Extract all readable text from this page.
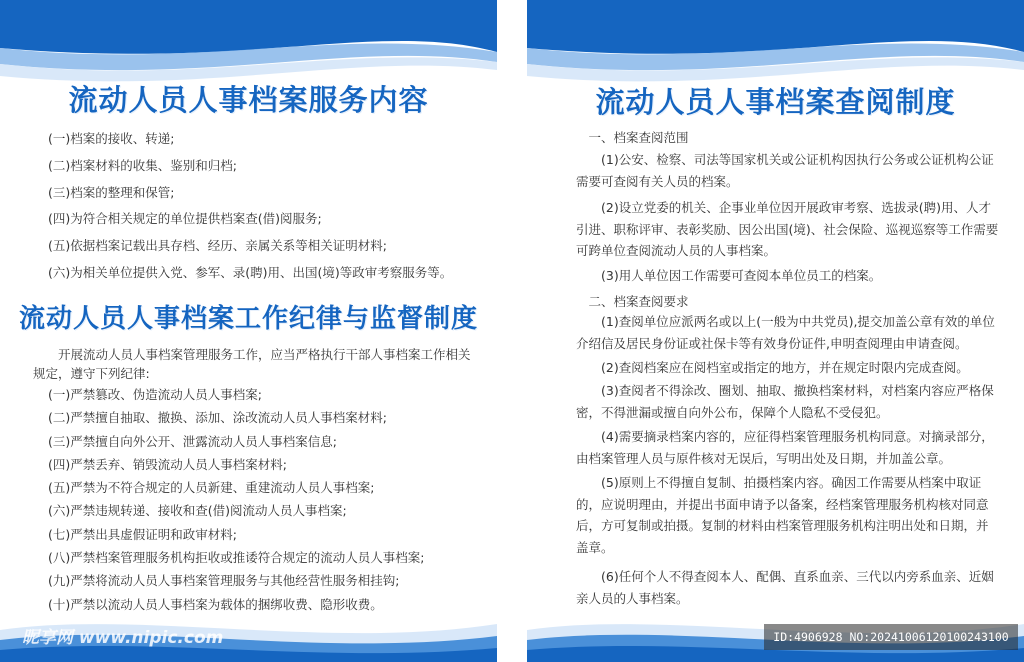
流动人员人事档案服务内容
(一)档案的接收、转递;
(二)档案材料的收集、鉴别和归档;
(三)档案的整理和保管;
(四)为符合相关规定的单位提供档案查(借)阅服务;
(五)依据档案记载出具存档、经历、亲属关系等相关证明材料;
(六)为相关单位提供入党、参军、录(聘)用、出国(境)等政审考察服务等。
流动人员人事档案工作纪律与监督制度
开展流动人员人事档案管理服务工作，应当严格执行干部人事档案工作相关规定，遵守下列纪律:
(一)严禁篡改、伪造流动人员人事档案;
(二)严禁擅自抽取、撤换、添加、涂改流动人员人事档案材料;
(三)严禁擅自向外公开、泄露流动人员人事档案信息;
(四)严禁丢弃、销毁流动人员人事档案材料;
(五)严禁为不符合规定的人员新建、重建流动人员人事档案;
(六)严禁违规转递、接收和查(借)阅流动人员人事档案;
(七)严禁出具虚假证明和政审材料;
(八)严禁档案管理服务机构拒收或推诿符合规定的流动人员人事档案;
(九)严禁将流动人员人事档案管理服务与其他经营性服务相挂钩;
(十)严禁以流动人员人事档案为载体的捆绑收费、隐形收费。
流动人员人事档案查阅制度
一、档案查阅范围
(1)公安、检察、司法等国家机关或公证机构因执行公务或公证机构公证需要可查阅有关人员的档案。
(2)设立党委的机关、企事业单位因开展政审考察、选拔录(聘)用、人才引进、职称评审、表彰奖励、因公出国(境)、社会保险、巡视巡察等工作需要可跨单位查阅流动人员的人事档案。
(3)用人单位因工作需要可查阅本单位员工的档案。
二、档案查阅要求
(1)查阅单位应派两名或以上(一般为中共党员),提交加盖公章有效的单位介绍信及居民身份证或社保卡等有效身份证件,申明查阅理由申请查阅。
(2)查阅档案应在阅档室或指定的地方，并在规定时限内完成查阅。
(3)查阅者不得涂改、圈划、抽取、撤换档案材料，对档案内容应严格保密，不得泄漏或擅自向外公布，保障个人隐私不受侵犯。
(4)需要摘录档案内容的，应征得档案管理服务机构同意。对摘录部分，由档案管理人员与原件核对无误后，写明出处及日期，并加盖公章。
(5)原则上不得擅自复制、拍摄档案内容。确因工作需要从档案中取证的，应说明理由，并提出书面申请予以备案，经档案管理服务机构核对同意后，方可复制或拍摄。复制的材料由档案管理服务机构注明出处和日期，并盖章。
(6)任何个人不得查阅本人、配偶、直系血亲、三代以内旁系血亲、近姻亲人员的人事档案。
昵享网 www.nipic.com	ID:4906928 NO:20241006120100243100
